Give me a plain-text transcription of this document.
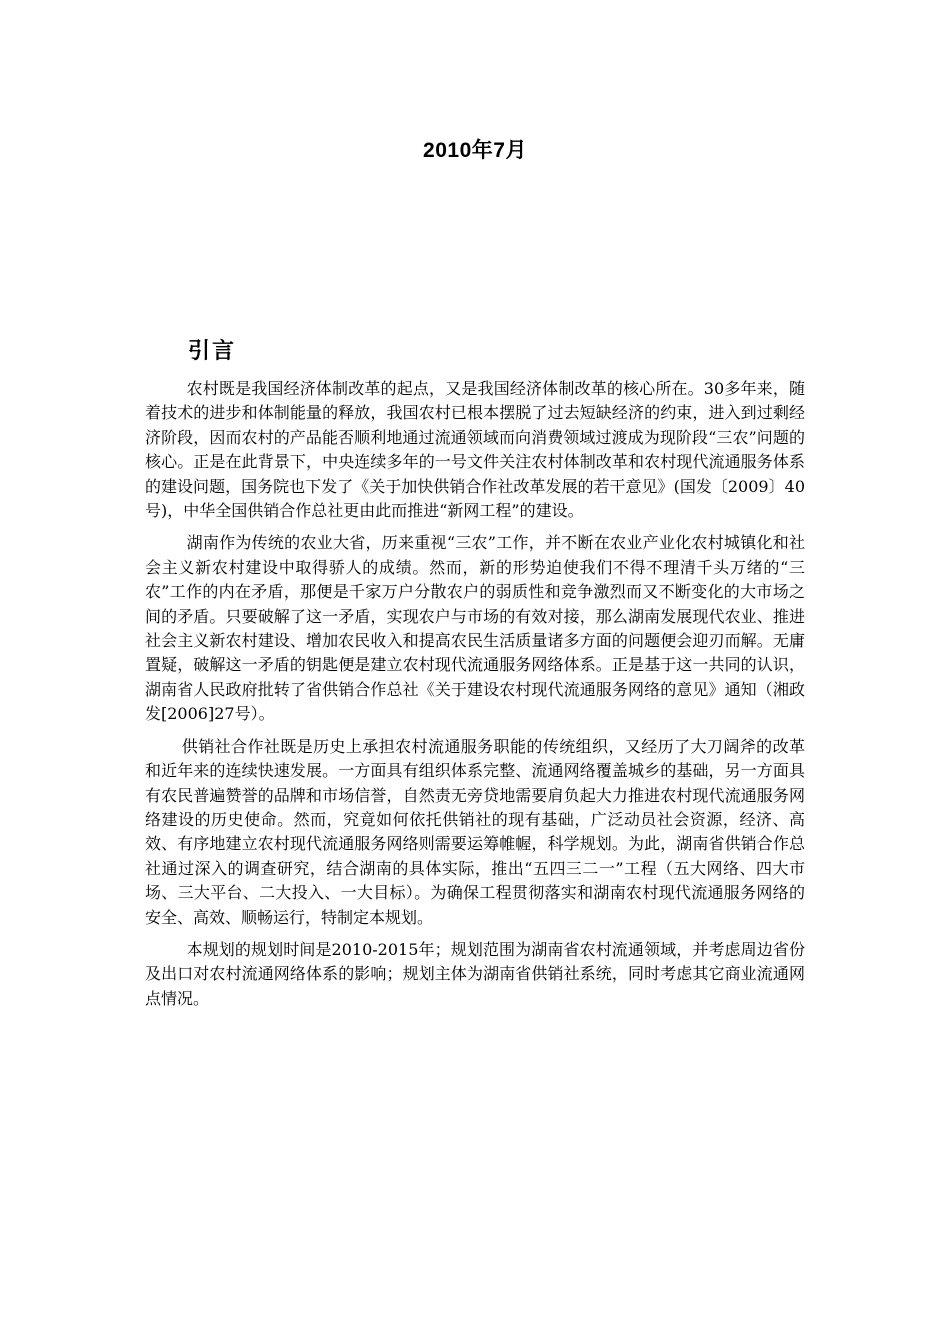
2010年7月
引言

农村既是我国经济体制改革的起点，又是我国经济体制改革的核心所在。30多年来，随着技术的进步和体制能量的释放，我国农村已根本摆脱了过去短缺经济的约束，进入到过剩经济阶段，因而农村的产品能否顺利地通过流通领域而向消费领域过渡成为现阶段“三农”问题的核心。正是在此背景下，中央连续多年的一号文件关注农村体制改革和农村现代流通服务体系的建设问题，国务院也下发了《关于加快供销合作社改革发展的若干意见》(国发〔2009〕40号)，中华全国供销合作总社更由此而推进“新网工程”的建设。

湖南作为传统的农业大省，历来重视“三农”工作，并不断在农业产业化农村城镇化和社会主义新农村建设中取得骄人的成绩。然而，新的形势迫使我们不得不理清千头万绪的“三农”工作的内在矛盾，那便是千家万户分散农户的弱质性和竞争激烈而又不断变化的大市场之间的矛盾。只要破解了这一矛盾，实现农户与市场的有效对接，那么湖南发展现代农业、推进社会主义新农村建设、增加农民收入和提高农民生活质量诸多方面的问题便会迎刃而解。无庸置疑，破解这一矛盾的钥匙便是建立农村现代流通服务网络体系。正是基于这一共同的认识，湖南省人民政府批转了省供销合作总社《关于建设农村现代流通服务网络的意见》通知（湘政发[2006]27号）。

供销社合作社既是历史上承担农村流通服务职能的传统组织，又经历了大刀阔斧的改革和近年来的连续快速发展。一方面具有组织体系完整、流通网络覆盖城乡的基础，另一方面具有农民普遍赞誉的品牌和市场信誉，自然责无旁贷地需要肩负起大力推进农村现代流通服务网络建设的历史使命。然而，究竟如何依托供销社的现有基础，广泛动员社会资源，经济、高效、有序地建立农村现代流通服务网络则需要运筹帷幄，科学规划。为此，湖南省供销合作总社通过深入的调查研究，结合湖南的具体实际，推出“五四三二一”工程（五大网络、四大市场、三大平台、二大投入、一大目标）。为确保工程贯彻落实和湖南农村现代流通服务网络的安全、高效、顺畅运行，特制定本规划。

本规划的规划时间是2010-2015年；规划范围为湖南省农村流通领域，并考虑周边省份及出口对农村流通网络体系的影响；规划主体为湖南省供销社系统，同时考虑其它商业流通网点情况。
